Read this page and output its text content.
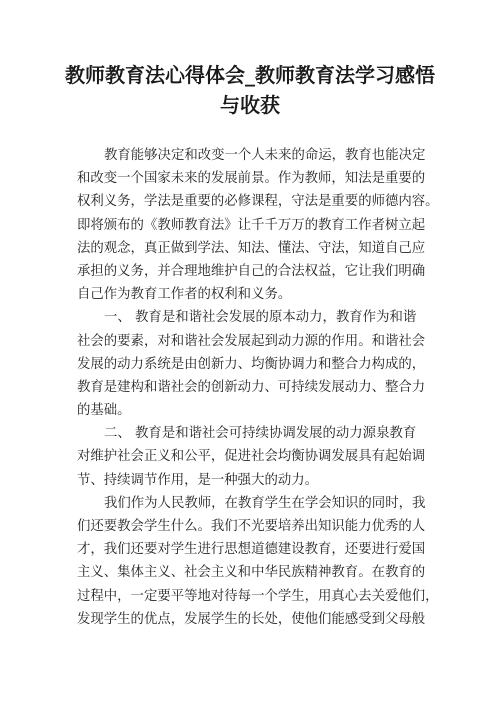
教师教育法心得体会_教师教育法学习感悟
与收获

教育能够决定和改变一个人未来的命运，教育也能决定

和改变一个国家未来的发展前景。作为教师，知法是重要的

权利义务，学法是重要的必修课程，守法是重要的师德内容。

即将颁布的《教师教育法》让千千万万的教育工作者树立起

法的观念，真正做到学法、知法、懂法、守法，知道自己应

承担的义务，并合理地维护自己的合法权益，它让我们明确

自己作为教育工作者的权利和义务。

一、 教育是和谐社会发展的原本动力，教育作为和谐

社会的要素，对和谐社会发展起到动力源的作用。和谐社会

发展的动力系统是由创新力、均衡协调力和整合力构成的，

教育是建构和谐社会的创新动力、可持续发展动力、整合力

的基础。

二、 教育是和谐社会可持续协调发展的动力源泉教育

对维护社会正义和公平，促进社会均衡协调发展具有起始调

节、持续调节作用，是一种强大的动力。

我们作为人民教师，在教育学生在学会知识的同时，我

们还要教会学生什么。我们不光要培养出知识能力优秀的人

才，我们还要对学生进行思想道德建设教育，还要进行爱国

主义、集体主义、社会主义和中华民族精神教育。在教育的

过程中，一定要平等地对待每一个学生，用真心去关爱他们，

发现学生的优点，发展学生的长处，使他们能感受到父母般
